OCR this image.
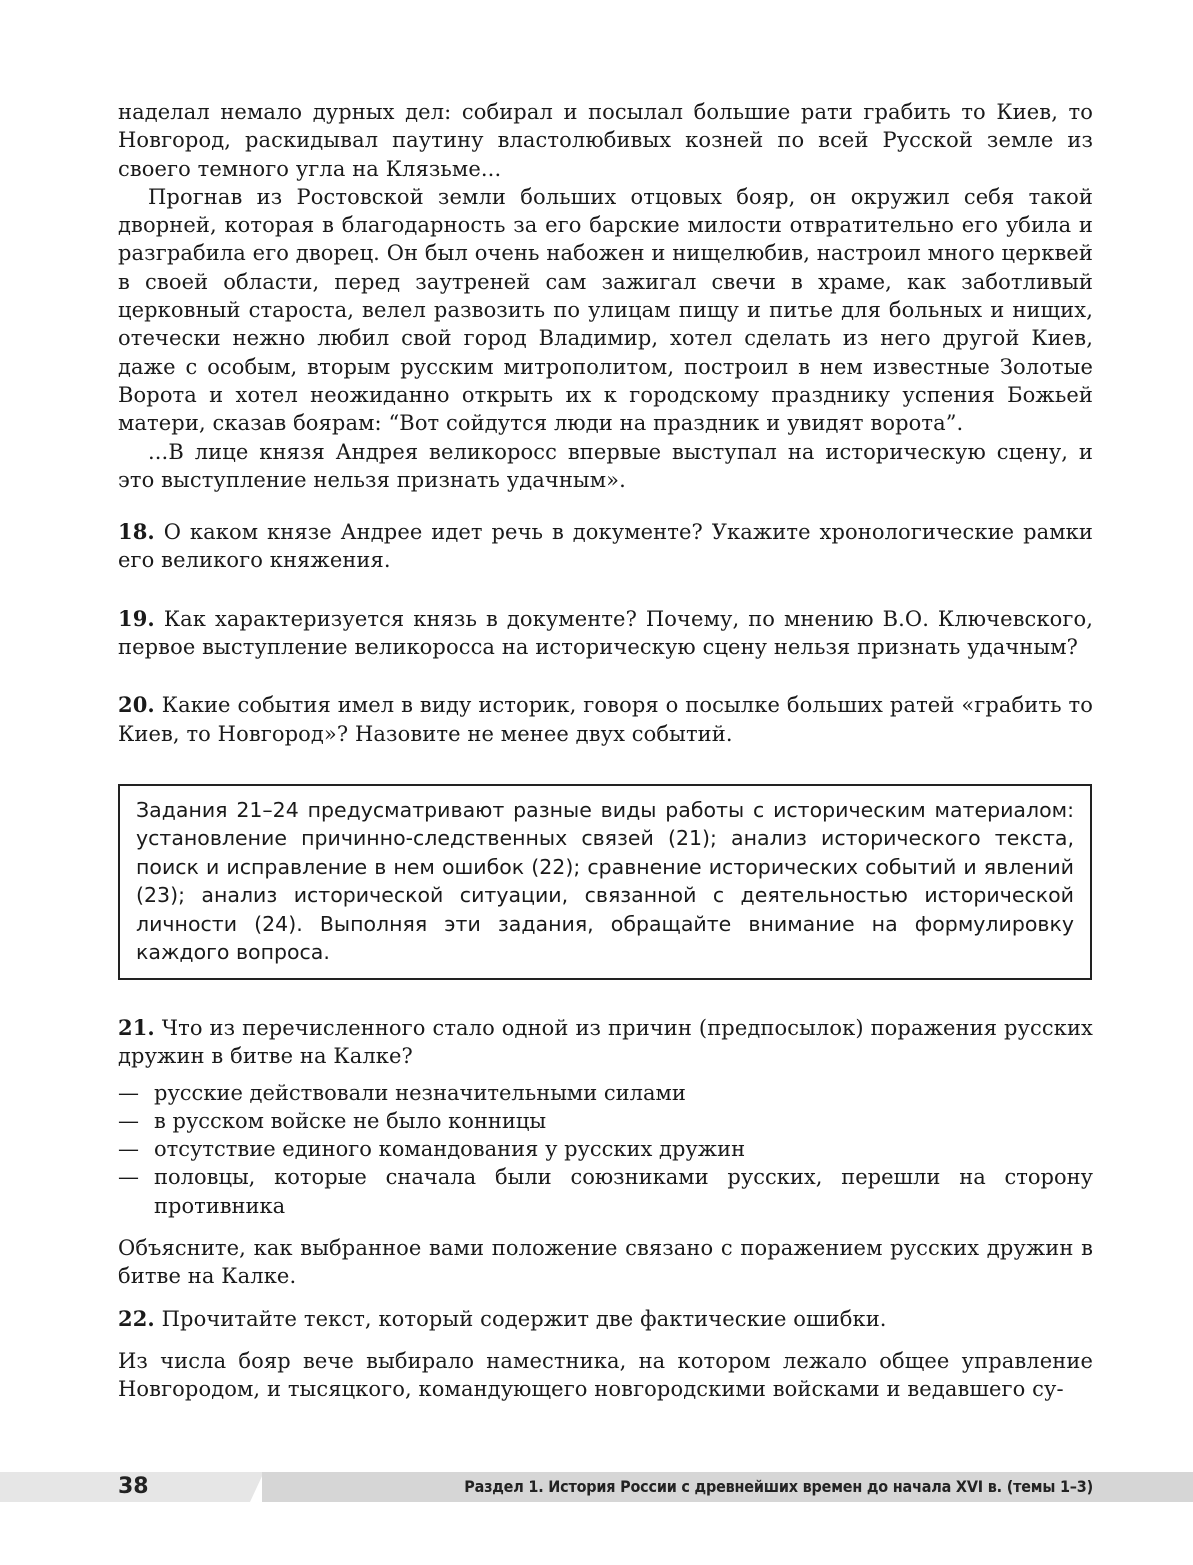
наделал немало дурных дел: собирал и посылал большие рати грабить то Киев, то Новгород, раскидывал паутину властолюбивых козней по всей Русской земле из своего темного угла на Клязьме...

Прогнав из Ростовской земли больших отцовых бояр, он окружил себя такой дворней, которая в благодарность за его барские милости отвратительно его убила и разграбила его дворец. Он был очень набожен и нищелюбив, настроил много церквей в своей области, перед заутреней сам зажигал свечи в храме, как заботливый церковный староста, велел развозить по улицам пищу и питье для больных и нищих, отечески нежно любил свой город Владимир, хотел сделать из него другой Киев, даже с особым, вторым русским митрополитом, построил в нем известные Золотые Ворота и хотел неожиданно открыть их к городскому празднику успения Божьей матери, сказав боярам: “Вот сойдутся люди на праздник и увидят ворота”.

...В лице князя Андрея великоросс впервые выступал на историческую сцену, и это выступление нельзя признать удачным».

18. О каком князе Андрее идет речь в документе? Укажите хронологические рамки его великого княжения.

19. Как характеризуется князь в документе? Почему, по мнению В.О. Ключевского, первое выступление великоросса на историческую сцену нельзя признать удачным?

20. Какие события имел в виду историк, говоря о посылке больших ратей «грабить то Киев, то Новгород»? Назовите не менее двух событий.

Задания 21–24 предусматривают разные виды работы с историческим материалом: установление причинно-следственных связей (21); анализ исторического текста, поиск и исправление в нем ошибок (22); сравнение исторических событий и явлений (23); анализ исторической ситуации, связанной с деятельностью исторической личности (24). Выполняя эти задания, обращайте внимание на формулировку каждого вопроса.

21. Что из перечисленного стало одной из причин (предпосылок) поражения русских дружин в битве на Калке?

— русские действовали незначительными силами
— в русском войске не было конницы
— отсутствие единого командования у русских дружин
— половцы, которые сначала были союзниками русских, перешли на сторону противника

Объясните, как выбранное вами положение связано с поражением русских дружин в битве на Калке.

22. Прочитайте текст, который содержит две фактические ошибки.

Из числа бояр вече выбирало наместника, на котором лежало общее управление Новгородом, и тысяцкого, командующего новгородскими войсками и ведавшего су-

38	Раздел 1. История России с древнейших времен до начала XVI в. (темы 1–3)
